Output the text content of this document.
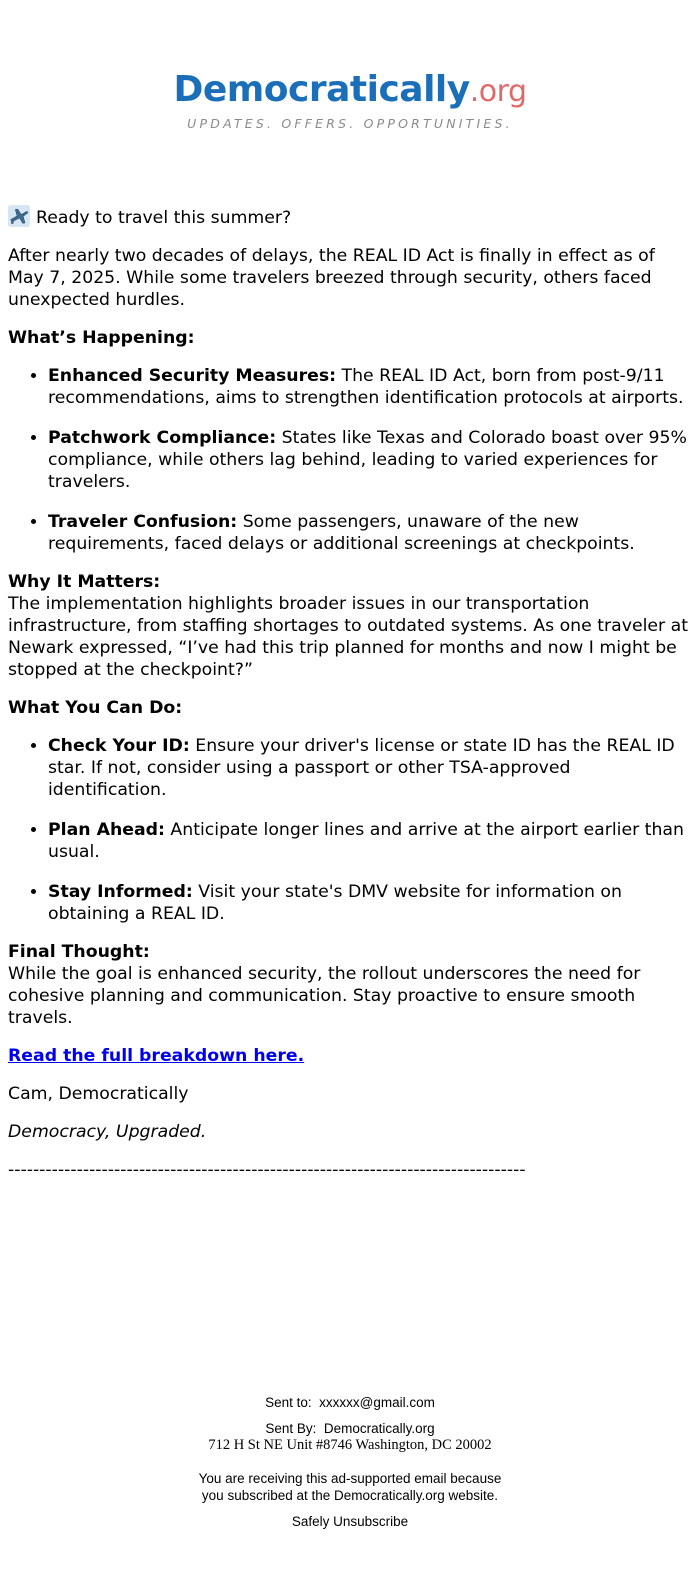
Democratically.org
UPDATES. OFFERS. OPPORTUNITIES.

Ready to travel this summer?

After nearly two decades of delays, the REAL ID Act is finally in effect as of May 7, 2025. While some travelers breezed through security, others faced unexpected hurdles.

What’s Happening:
• Enhanced Security Measures: The REAL ID Act, born from post-9/11 recommendations, aims to strengthen identification protocols at airports.
• Patchwork Compliance: States like Texas and Colorado boast over 95% compliance, while others lag behind, leading to varied experiences for travelers.
• Traveler Confusion: Some passengers, unaware of the new requirements, faced delays or additional screenings at checkpoints.
Why It Matters:

The implementation highlights broader issues in our transportation infrastructure, from staffing shortages to outdated systems. As one traveler at Newark expressed, “I’ve had this trip planned for months and now I might be stopped at the checkpoint?”

What You Can Do:
• Check Your ID: Ensure your driver's license or state ID has the REAL ID star. If not, consider using a passport or other TSA-approved identification.
• Plan Ahead: Anticipate longer lines and arrive at the airport earlier than usual.
• Stay Informed: Visit your state's DMV website for information on obtaining a REAL ID.
Final Thought:

While the goal is enhanced security, the rollout underscores the need for cohesive planning and communication. Stay proactive to ensure smooth travels.

Read the full breakdown here.

Cam, Democratically

Democracy, Upgraded.

-----------------------------------------------------------------------------------

Sent to: xxxxxx@gmail.com
Sent By: Democratically.org
712 H St NE Unit #8746 Washington, DC 20002
You are receiving this ad-supported email because
you subscribed at the Democratically.org website.
Safely Unsubscribe
